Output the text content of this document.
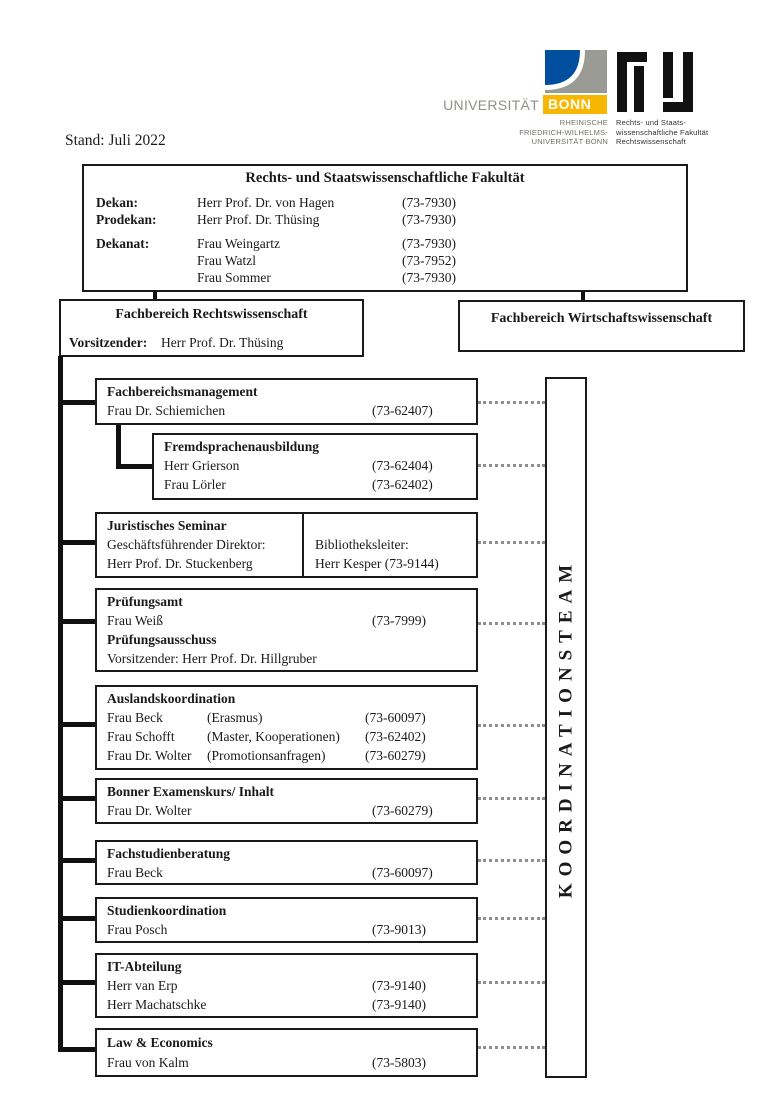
Stand: Juli 2022
UNIVERSITÄT BONN
RHEINISCHE
FRIEDRICH-WILHELMS-
UNIVERSITÄT BONN
Rechts- und Staats-
wissenschaftliche Fakultät
Rechtswissenschaft
Rechts- und Staatswissenschaftliche Fakultät
Dekan:	Herr Prof. Dr. von Hagen	(73-7930)
Prodekan:	Herr Prof. Dr. Thüsing	(73-7930)
Dekanat:	Frau Weingartz	(73-7930)
Frau Watzl	(73-7952)
Frau Sommer	(73-7930)
Fachbereich Rechtswissenschaft
Vorsitzender: Herr Prof. Dr. Thüsing
Fachbereich Wirtschaftswissenschaft
KOORDINATIONSTEAM
Fachbereichsmanagement
Frau Dr. Schiemichen	(73-62407)
Fremdsprachenausbildung
Herr Grierson	(73-62404)
Frau Lörler	(73-62402)
Juristisches Seminar
Geschäftsführender Direktor:
Herr Prof. Dr. Stuckenberg
Bibliotheksleiter:
Herr Kesper (73-9144)
Prüfungsamt
Frau Weiß	(73-7999)
Prüfungsausschuss
Vorsitzender: Herr Prof. Dr. Hillgruber
Auslandskoordination
Frau Beck	(Erasmus)	(73-60097)
Frau Schofft (Master, Kooperationen) (73-62402)
Frau Dr. Wolter (Promotionsanfragen)	(73-60279)
Bonner Examenskurs/ Inhalt
Frau Dr. Wolter	(73-60279)
Fachstudienberatung
Frau Beck	(73-60097)
Studienkoordination
Frau Posch	(73-9013)
IT-Abteilung
Herr van Erp	(73-9140)
Herr Machatschke	(73-9140)
Law & Economics
Frau von Kalm	(73-5803)
